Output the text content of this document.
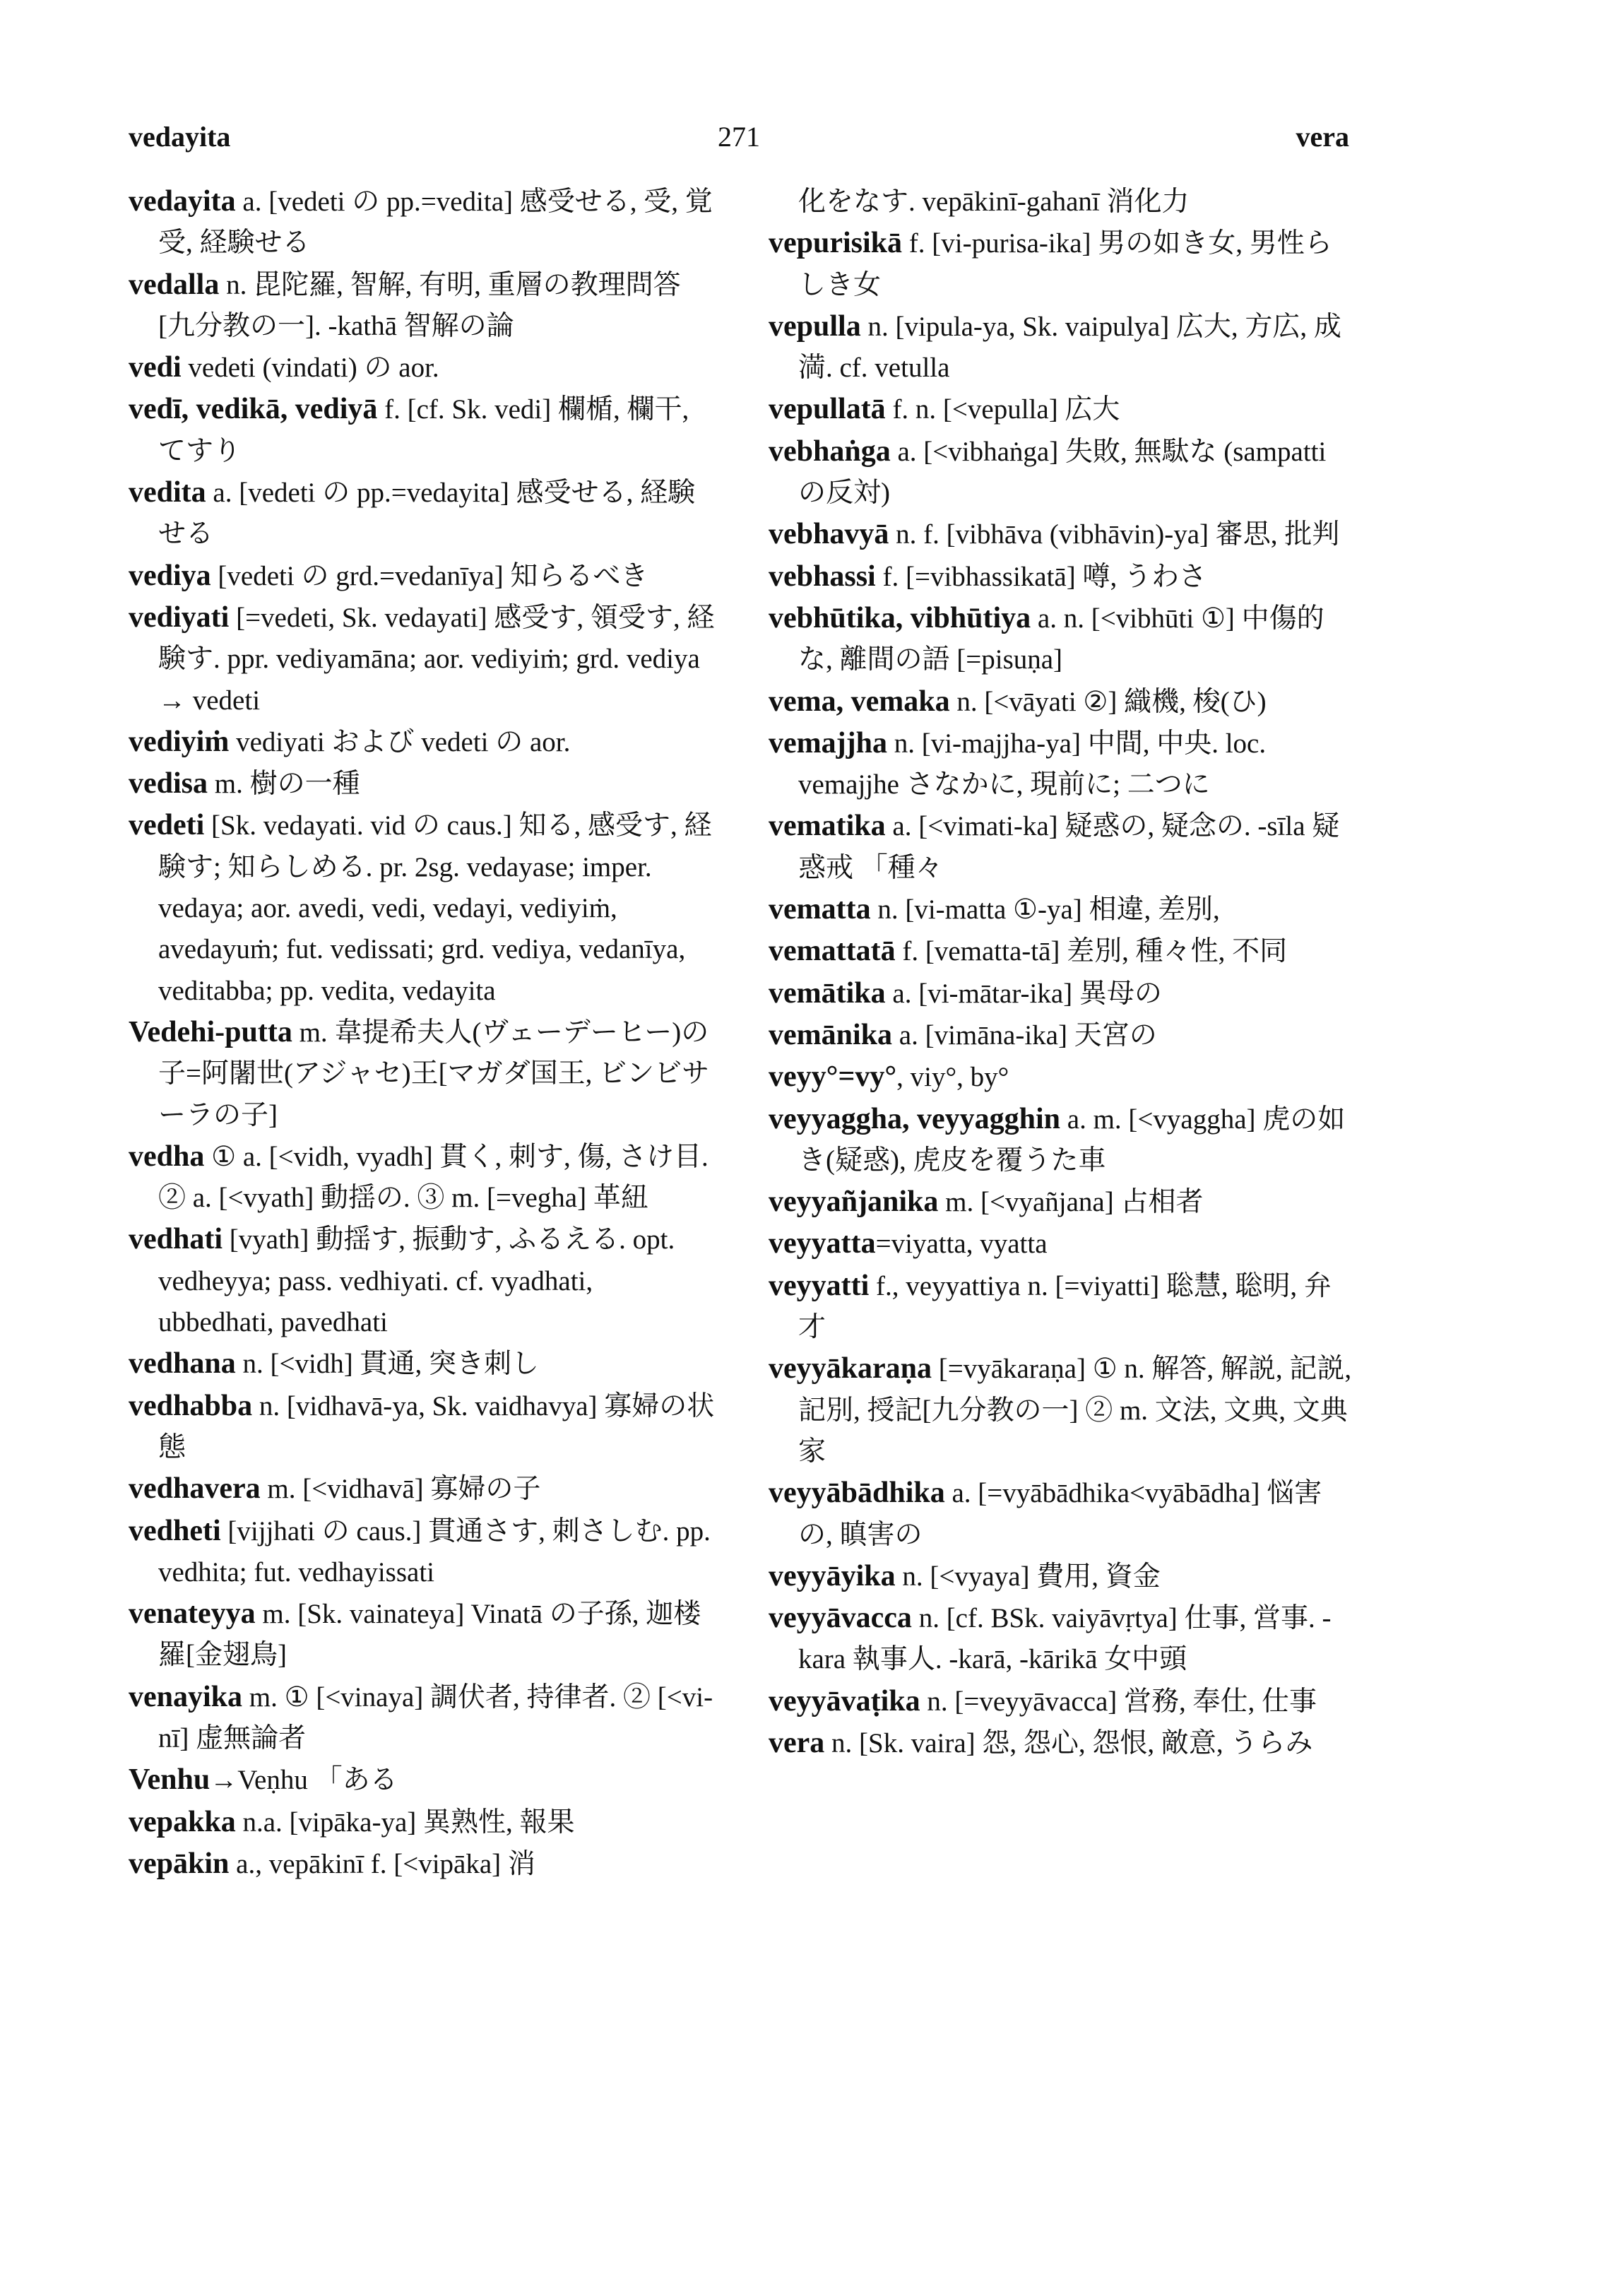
271
vedayita	vera

vedayita a. [vedeti の pp.=vedita] 感受せる, 受, 覚受, 経験せる

vedalla n. 毘陀羅, 智解, 有明, 重層の教理問答[九分教の一]. -kathā 智解の論

vedi vedeti (vindati) の aor.

vedī, vedikā, vediyā f. [cf. Sk. vedi] 欄楯, 欄干, てすり

vedita a. [vedeti の pp.=vedayita] 感受せる, 経験せる

vediya [vedeti の grd.=vedanīya] 知らるべき

vediyati [=vedeti, Sk. vedayati] 感受す, 領受す, 経験す. ppr. vediyamāna; aor. vediyiṁ; grd. vediya → vedeti

vediyiṁ vediyati および vedeti の aor.

vedisa m. 樹の一種

vedeti [Sk. vedayati. vid の caus.] 知る, 感受す, 経験す; 知らしめる. pr. 2sg. vedayase; imper. vedaya; aor. avedi, vedi, vedayi, vediyiṁ, avedayuṁ; fut. vedissati; grd. vediya, vedanīya, veditabba; pp. vedita, vedayita

Vedehi-putta m. 韋提希夫人(ヴェーデーヒー)の子=阿闍世(アジャセ)王[マガダ国王, ビンビサーラの子]

vedha ① a. [<vidh, vyadh] 貫く, 刺す, 傷, さけ目. ② a. [<vyath] 動揺の. ③ m. [=vegha] 革紐

vedhati [vyath] 動揺す, 振動す, ふるえる. opt. vedheyya; pass. vedhiyati. cf. vyadhati, ubbedhati, pavedhati

vedhana n. [<vidh] 貫通, 突き刺し

vedhabba n. [vidhavā-ya, Sk. vaidhavya] 寡婦の状態

vedhavera m. [<vidhavā] 寡婦の子

vedheti [vijjhati の caus.] 貫通さす, 刺さしむ. pp. vedhita; fut. vedhayissati

venateyya m. [Sk. vainateya] Vinatā の子孫, 迦楼羅[金翅鳥]

venayika m. ① [<vinaya] 調伏者, 持律者. ② [<vi-nī] 虚無論者

Venhu→Veṇhu 「ある

vepakka n.a. [vipāka-ya] 異熟性, 報果

vepākin a., vepākinī f. [<vipāka] 消

化をなす. vepākinī-gahanī 消化力

vepurisikā f. [vi-purisa-ika] 男の如き女, 男性らしき女

vepulla n. [vipula-ya, Sk. vaipulya] 広大, 方広, 成満. cf. vetulla

vepullatā f. n. [<vepulla] 広大

vebhaṅga a. [<vibhaṅga] 失敗, 無駄な (sampatti の反対)

vebhavyā n. f. [vibhāva (vibhāvin)-ya] 審思, 批判

vebhassi f. [=vibhassikatā] 噂, うわさ

vebhūtika, vibhūtiya a. n. [<vibhūti ①] 中傷的な, 離間の語 [=pisuṇa]

vema, vemaka n. [<vāyati ②] 織機, 梭(ひ)

vemajjha n. [vi-majjha-ya] 中間, 中央. loc. vemajjhe さなかに, 現前に; 二つに

vematika a. [<vimati-ka] 疑惑の, 疑念の. -sīla 疑惑戒 「種々

vematta n. [vi-matta ①-ya] 相違, 差別,

vemattatā f. [vematta-tā] 差別, 種々性, 不同

vemātika a. [vi-mātar-ika] 異母の

vemānika a. [vimāna-ika] 天宮の

veyy°=vy°, viy°, by°

veyyaggha, veyyagghin a. m. [<vyaggha] 虎の如き(疑惑), 虎皮を覆うた車

veyyañjanika m. [<vyañjana] 占相者

veyyatta=viyatta, vyatta

veyyatti f., veyyattiya n. [=viyatti] 聡慧, 聡明, 弁才

veyyākaraṇa [=vyākaraṇa] ① n. 解答, 解説, 記説, 記別, 授記[九分教の一] ② m. 文法, 文典, 文典家

veyyābādhika a. [=vyābādhika<vyābādha] 悩害の, 瞋害の

veyyāyika n. [<vyaya] 費用, 資金

veyyāvacca n. [cf. BSk. vaiyāvṛtya] 仕事, 営事. -kara 執事人. -karā, -kārikā 女中頭

veyyāvaṭika n. [=veyyāvacca] 営務, 奉仕, 仕事

vera n. [Sk. vaira] 怨, 怨心, 怨恨, 敵意, うらみ
